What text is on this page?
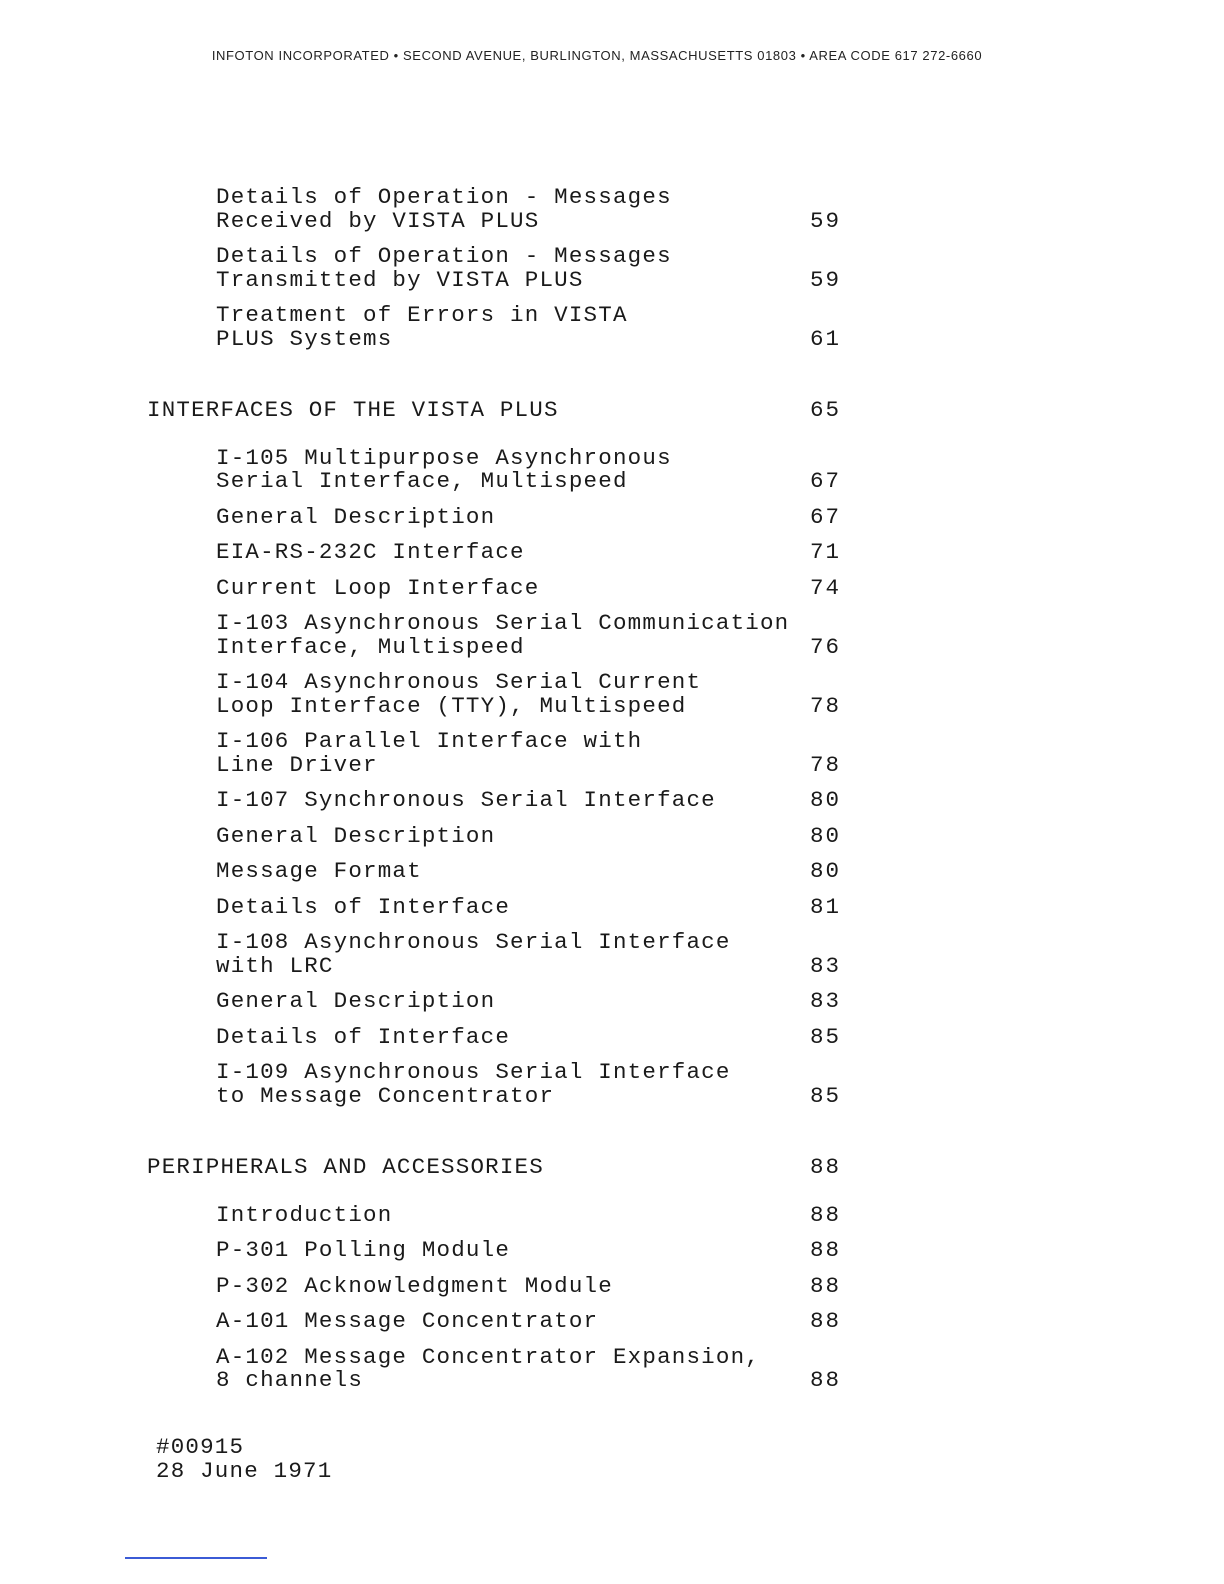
INFOTON INCORPORATED • SECOND AVENUE, BURLINGTON, MASSACHUSETTS 01803 • AREA CODE 617 272-6660
Details of Operation - Messages
Received by VISTA PLUS	59
Details of Operation - Messages
Transmitted by VISTA PLUS	59
Treatment of Errors in VISTA
PLUS Systems	61
INTERFACES OF THE VISTA PLUS	65
I-105 Multipurpose Asynchronous
Serial Interface, Multispeed	67
General Description	67
EIA-RS-232C Interface	71
Current Loop Interface	74
I-103 Asynchronous Serial Communication
Interface, Multispeed	76
I-104 Asynchronous Serial Current
Loop Interface (TTY), Multispeed	78
I-106 Parallel Interface with
Line Driver	78
I-107 Synchronous Serial Interface	80
General Description	80
Message Format	80
Details of Interface	81
I-108 Asynchronous Serial Interface
with LRC	83
General Description	83
Details of Interface	85
I-109 Asynchronous Serial Interface
to Message Concentrator	85
PERIPHERALS AND ACCESSORIES	88
Introduction	88
P-301 Polling Module	88
P-302 Acknowledgment Module	88
A-101 Message Concentrator	88
A-102 Message Concentrator Expansion,
8 channels	88
#00915
28 June 1971
